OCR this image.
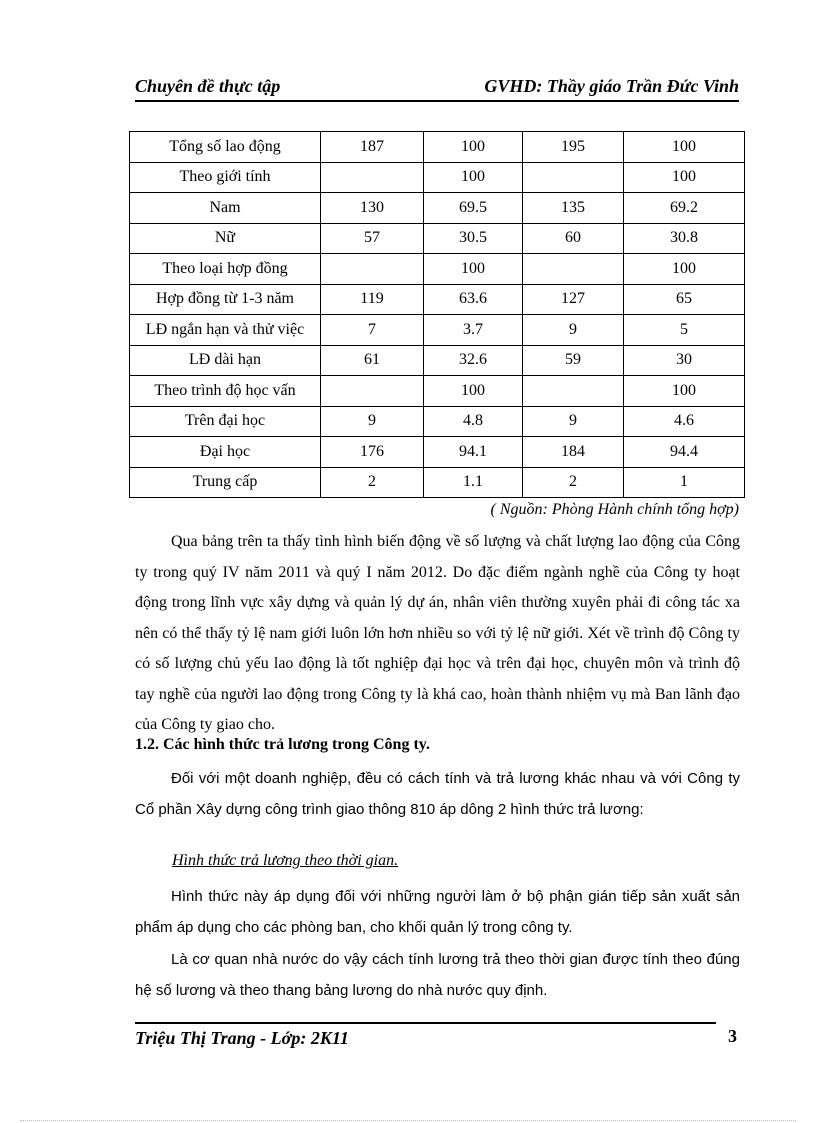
Chuyên đề thực tập	GVHD: Thầy giáo Trần Đức Vinh
Tổng số lao động	187	100	195	100
Theo giới tính		100		100
Nam	130	69.5	135	69.2
Nữ	57	30.5	60	30.8
Theo loại hợp đồng		100		100
Hợp đồng từ 1-3 năm	119	63.6	127	65
LĐ ngắn hạn và thử việc	7	3.7	9	5
LĐ dài hạn	61	32.6	59	30
Theo trình độ học vấn		100		100
Trên đại học	9	4.8	9	4.6
Đại học	176	94.1	184	94.4
Trung cấp	2	1.1	2	1
( Nguồn: Phòng Hành chính tổng hợp)
Qua bảng trên ta thấy tình hình biến động về số lượng và chất lượng lao động của Công ty trong quý IV năm 2011 và quý I năm 2012. Do đặc điểm ngành nghề của Công ty hoạt động trong lĩnh vực xây dựng và quản lý dự án, nhân viên thường xuyên phải đi công tác xa nên có thể thấy tỷ lệ nam giới luôn lớn hơn nhiều so với tỷ lệ nữ giới. Xét về trình độ Công ty có số lượng chủ yếu lao động là tốt nghiệp đại học và trên đại học, chuyên môn và trình độ tay nghề của người lao động trong Công ty là khá cao, hoàn thành nhiệm vụ mà Ban lãnh đạo của Công ty giao cho.
1.2. Các hình thức trả lương trong Công ty.
Đối với một doanh nghiệp, đều có cách tính và trả lương khác nhau và với Công ty Cổ phần Xây dựng công trình giao thông 810 áp dông 2 hình thức trả lương:
Hình thức trả lương theo thời gian.
Hình thức này áp dụng đối với những người làm ở bộ phận gián tiếp sản xuất sản phẩm áp dụng cho các phòng ban, cho khối quản lý trong công ty.
Là cơ quan nhà nước do vậy cách tính lương trả theo thời gian được tính theo đúng hệ số lương và theo thang bảng lương do nhà nước quy định.
Triệu Thị Trang - Lớp: 2K11	3
